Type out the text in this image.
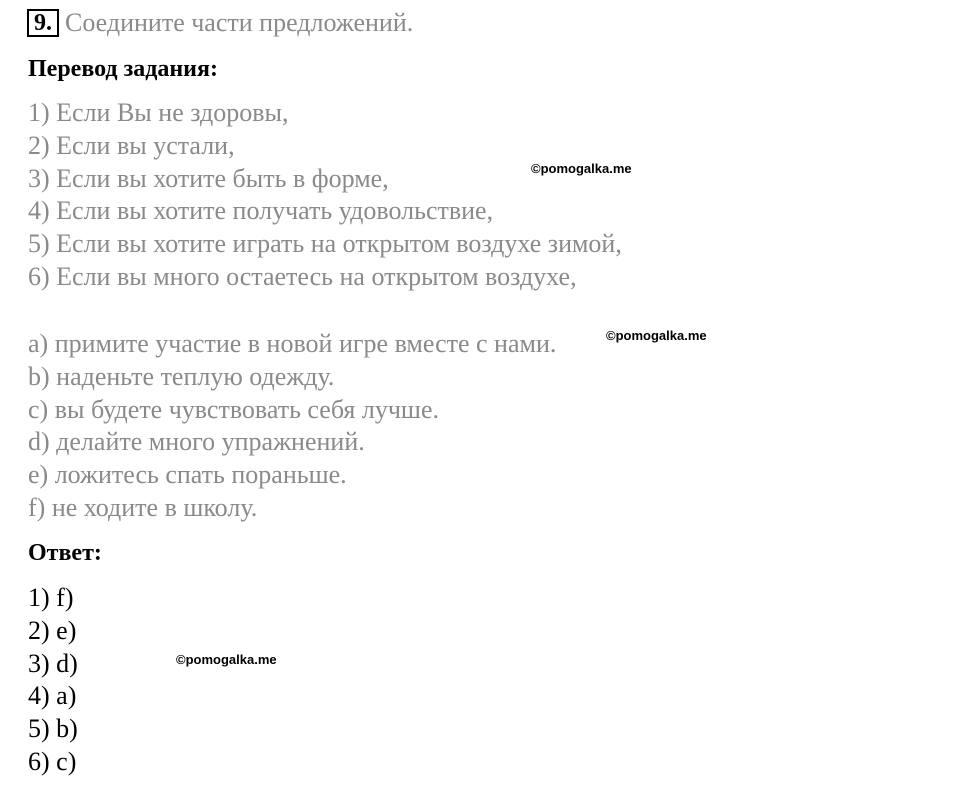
9. Соедините части предложений.
Перевод задания:
1) Если Вы не здоровы,
2) Если вы устали,
3) Если вы хотите быть в форме,
4) Если вы хотите получать удовольствие,
5) Если вы хотите играть на открытом воздухе зимой,
6) Если вы много остаетесь на открытом воздухе,
a) примите участие в новой игре вместе с нами.
b) наденьте теплую одежду.
c) вы будете чувствовать себя лучше.
d) делайте много упражнений.
e) ложитесь спать пораньше.
f) не ходите в школу.
Ответ:
1) f)
2) e)
3) d)
4) a)
5) b)
6) c)
©pomogalka.me
©pomogalka.me
©pomogalka.me
